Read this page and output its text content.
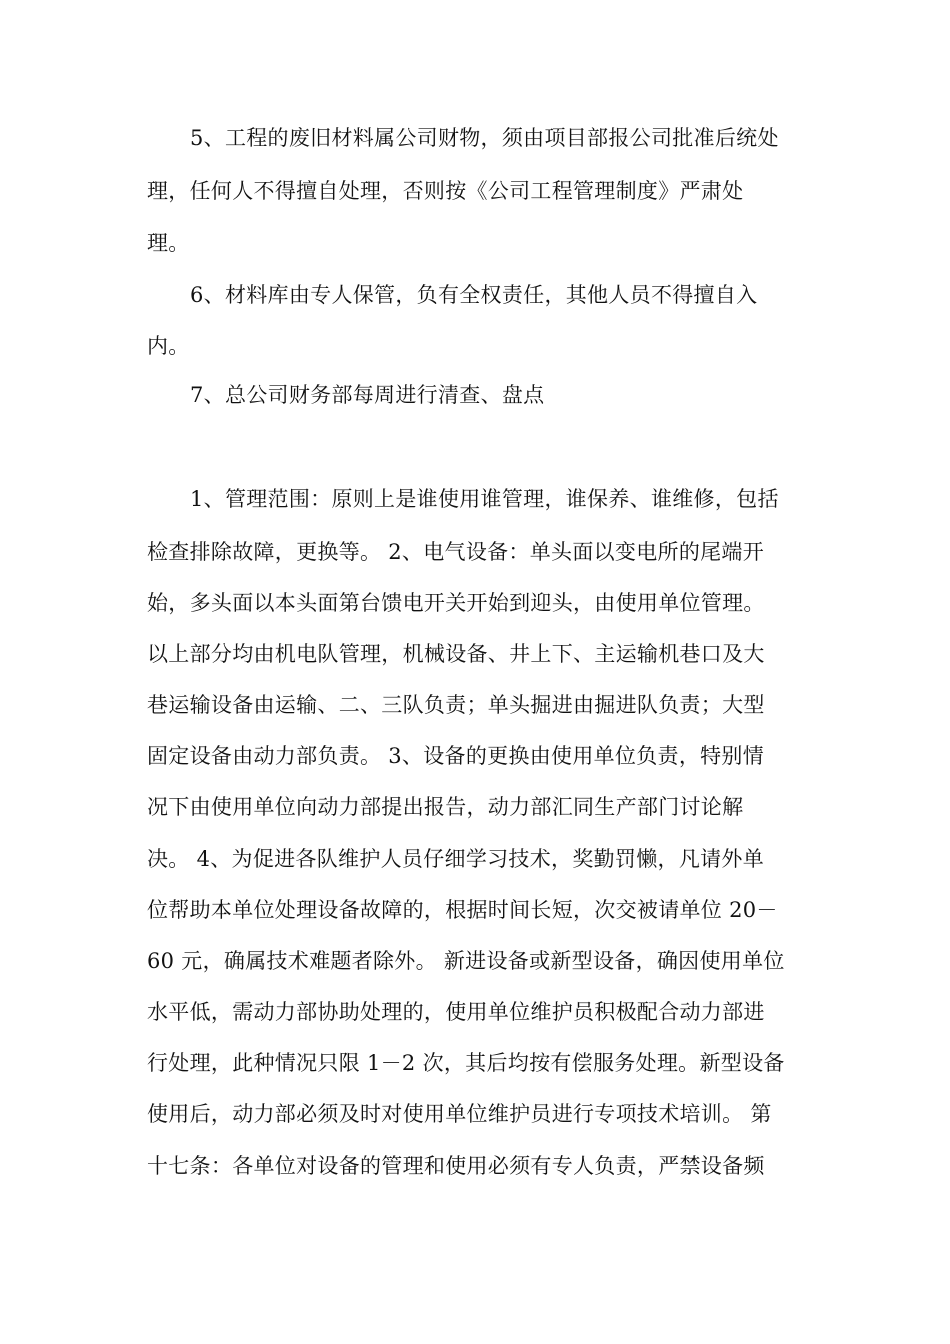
5、工程的废旧材料属公司财物，须由项目部报公司批准后统处
理，任何人不得擅自处理，否则按《公司工程管理制度》严肃处
理。
6、材料库由专人保管，负有全权责任，其他人员不得擅自入
内。
7、总公司财务部每周进行清查、盘点
1、管理范围：原则上是谁使用谁管理，谁保养、谁维修，包括
检查排除故障，更换等。 2、电气设备：单头面以变电所的尾端开
始，多头面以本头面第台馈电开关开始到迎头，由使用单位管理。
以上部分均由机电队管理，机械设备、井上下、主运输机巷口及大
巷运输设备由运输、二、三队负责；单头掘进由掘进队负责；大型
固定设备由动力部负责。 3、设备的更换由使用单位负责，特别情
况下由使用单位向动力部提出报告，动力部汇同生产部门讨论解
决。 4、为促进各队维护人员仔细学习技术，奖勤罚懒，凡请外单
位帮助本单位处理设备故障的，根据时间长短，次交被请单位 20－
60 元，确属技术难题者除外。 新进设备或新型设备，确因使用单位
水平低，需动力部协助处理的，使用单位维护员积极配合动力部进
行处理，此种情况只限 1－2 次，其后均按有偿服务处理。新型设备
使用后，动力部必须及时对使用单位维护员进行专项技术培训。 第
十七条：各单位对设备的管理和使用必须有专人负责，严禁设备频
